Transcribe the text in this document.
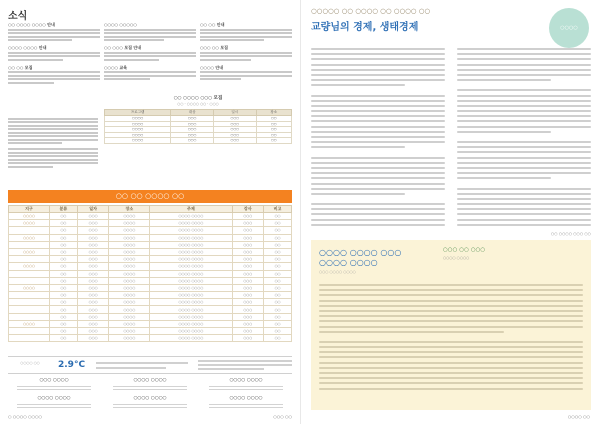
소식
○○ ○○○○ ○○○○ 안내
○○○○ ○○○○ 안내
○○ ○○ 모집
○○○○ ○○○○○
○○ ○○○ 모집 안내
○○○○ 교육
○○ ○○ 안내
○○○ ○○ 모집
○○○○ 안내
○○ ○○○○ ○○○ 모집
○○ · ○○○○ ○○ · ○○○
프로그램	대상	일시	장소
○○○○	○○○	○○○	○○
○○○○	○○○	○○○	○○
○○○○	○○○	○○○	○○
○○○○	○○○	○○○	○○
○○○○	○○○	○○○	○○
○○ ○○ ○○○○ ○○
지구	분류	일자	장소	주제	강사	비고
○○○○	○○	○○○	○○○○	○○○○ ○○○○	○○○	○○
○○○○	○○	○○○	○○○○	○○○○ ○○○○	○○○	○○
	○○	○○○	○○○○	○○○○ ○○○○	○○○	○○
○○○○	○○	○○○	○○○○	○○○○ ○○○○	○○○	○○
	○○	○○○	○○○○	○○○○ ○○○○	○○○	○○
○○○○	○○	○○○	○○○○	○○○○ ○○○○	○○○	○○
	○○	○○○	○○○○	○○○○ ○○○○	○○○	○○
○○○○	○○	○○○	○○○○	○○○○ ○○○○	○○○	○○
	○○	○○○	○○○○	○○○○ ○○○○	○○○	○○
	○○	○○○	○○○○	○○○○ ○○○○	○○○	○○
○○○○	○○	○○○	○○○○	○○○○ ○○○○	○○○	○○
	○○	○○○	○○○○	○○○○ ○○○○	○○○	○○
	○○	○○○	○○○○	○○○○ ○○○○	○○○	○○
	○○	○○○	○○○○	○○○○ ○○○○	○○○	○○
	○○	○○○	○○○○	○○○○ ○○○○	○○○	○○
○○○○	○○	○○○	○○○○	○○○○ ○○○○	○○○	○○
	○○	○○○	○○○○	○○○○ ○○○○	○○○	○○
	○○	○○○	○○○○	○○○○ ○○○○	○○○	○○
○○○○ ○○	2.9°C
○○○ ○○○○	○○○○ ○○○○	○○○○ ○○○○
○○○○ ○○○○	○○○○ ○○○○	○○○○ ○○○○
○ ○○○○ ○○○○	○○○ ○○
○○○○○ ○○ ○○○○ ○○ ○○○○ ○○
교량님의 경제, 생태경제	○○○○
○○ ○○○○ ○○○ ○○
○○○○ ○○○○ ○○○ ○○○○ ○○○○
○○○ ○○○○ ○○○○
○○○ ○○ ○○○
○○○○ ○○○○
○○○○ ○○
